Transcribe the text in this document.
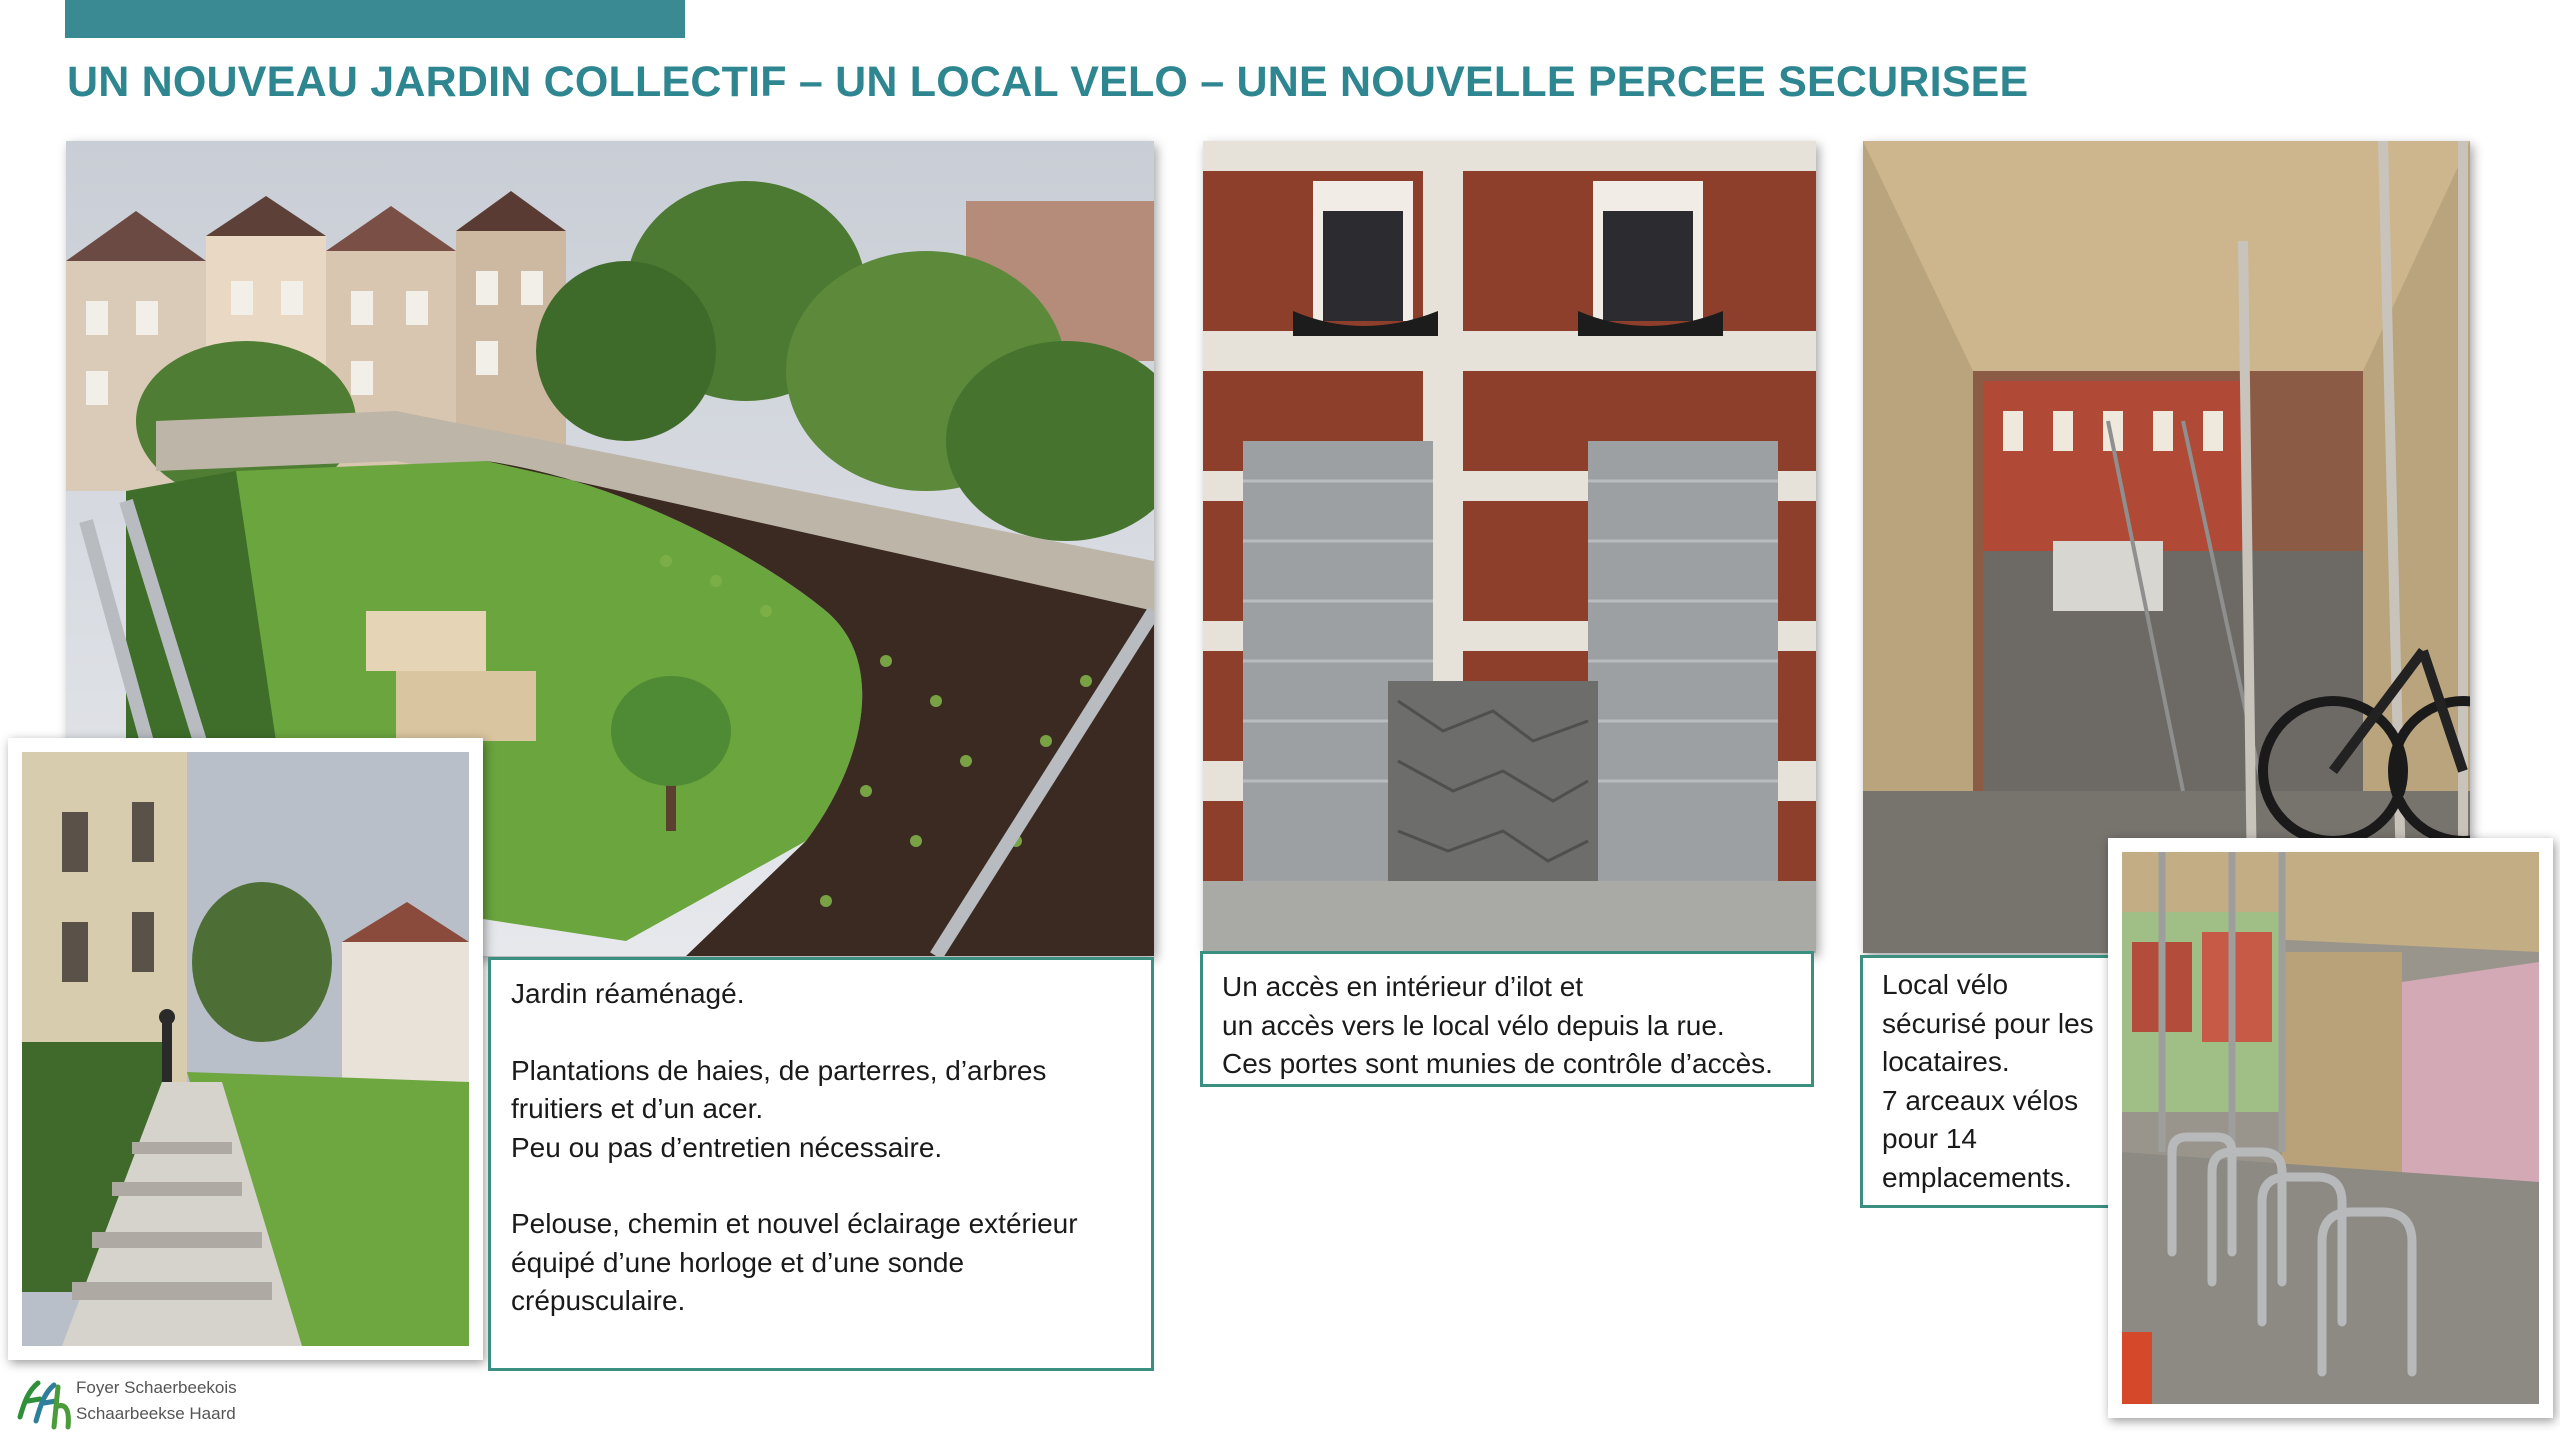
UN NOUVEAU JARDIN COLLECTIF – UN LOCAL VELO – UNE NOUVELLE PERCEE SECURISEE

Jardin réaménagé.

Plantations de haies, de parterres, d’arbres

fruitiers et d’un acer.

Peu ou pas d’entretien nécessaire.

Pelouse, chemin et nouvel éclairage extérieur

équipé d’une horloge et d’une sonde

crépusculaire.

Un accès en intérieur d’ilot et

un accès vers le local vélo depuis la rue.

Ces portes sont munies de contrôle d’accès.

Local vélo

sécurisé pour les

locataires.

7 arceaux vélos

pour 14

emplacements.

Foyer Schaerbeekois
Schaarbeekse Haard
